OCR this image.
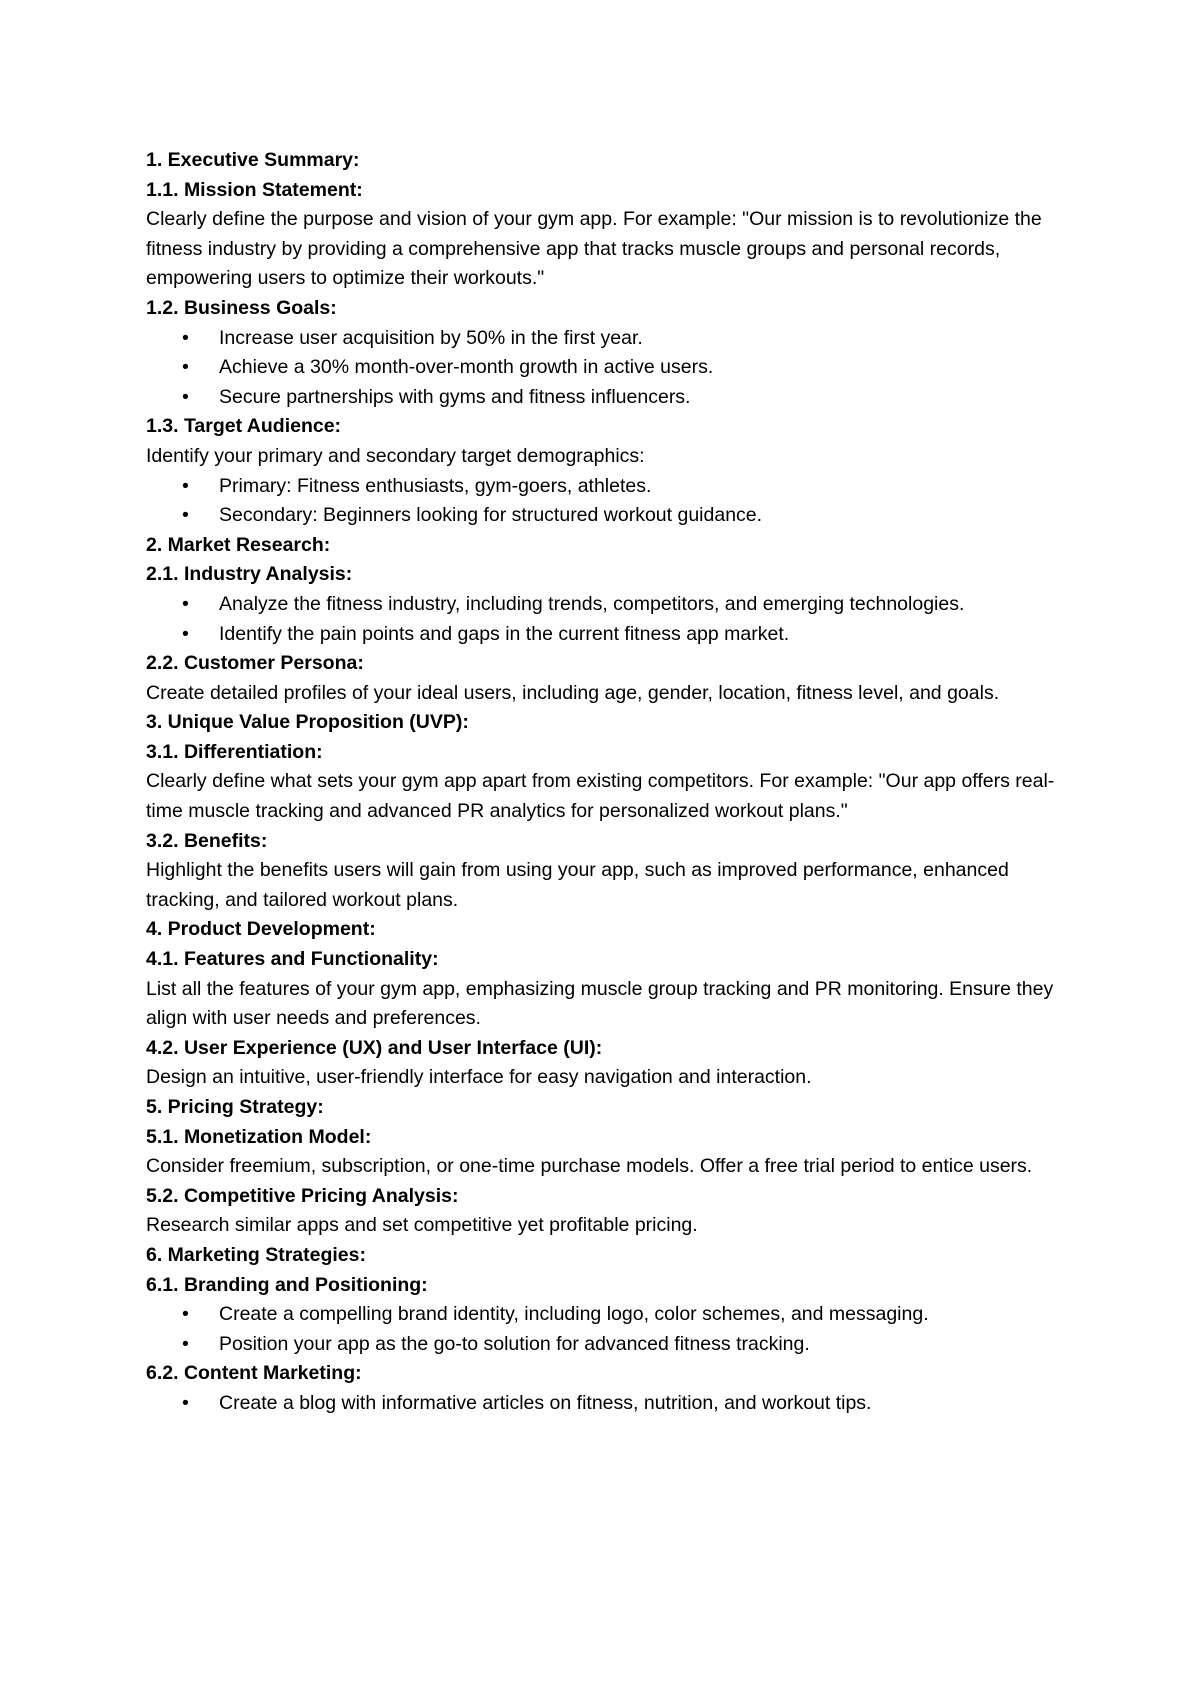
1. Executive Summary:
1.1. Mission Statement:
Clearly define the purpose and vision of your gym app. For example: "Our mission is to revolutionize the fitness industry by providing a comprehensive app that tracks muscle groups and personal records, empowering users to optimize their workouts."
1.2. Business Goals:
• Increase user acquisition by 50% in the first year.
• Achieve a 30% month-over-month growth in active users.
• Secure partnerships with gyms and fitness influencers.
1.3. Target Audience:
Identify your primary and secondary target demographics:
• Primary: Fitness enthusiasts, gym-goers, athletes.
• Secondary: Beginners looking for structured workout guidance.
2. Market Research:
2.1. Industry Analysis:
• Analyze the fitness industry, including trends, competitors, and emerging technologies.
• Identify the pain points and gaps in the current fitness app market.
2.2. Customer Persona:
Create detailed profiles of your ideal users, including age, gender, location, fitness level, and goals.
3. Unique Value Proposition (UVP):
3.1. Differentiation:
Clearly define what sets your gym app apart from existing competitors. For example: "Our app offers real-time muscle tracking and advanced PR analytics for personalized workout plans."
3.2. Benefits:
Highlight the benefits users will gain from using your app, such as improved performance, enhanced tracking, and tailored workout plans.
4. Product Development:
4.1. Features and Functionality:
List all the features of your gym app, emphasizing muscle group tracking and PR monitoring. Ensure they align with user needs and preferences.
4.2. User Experience (UX) and User Interface (UI):
Design an intuitive, user-friendly interface for easy navigation and interaction.
5. Pricing Strategy:
5.1. Monetization Model:
Consider freemium, subscription, or one-time purchase models. Offer a free trial period to entice users.
5.2. Competitive Pricing Analysis:
Research similar apps and set competitive yet profitable pricing.
6. Marketing Strategies:
6.1. Branding and Positioning:
• Create a compelling brand identity, including logo, color schemes, and messaging.
• Position your app as the go-to solution for advanced fitness tracking.
6.2. Content Marketing:
• Create a blog with informative articles on fitness, nutrition, and workout tips.
